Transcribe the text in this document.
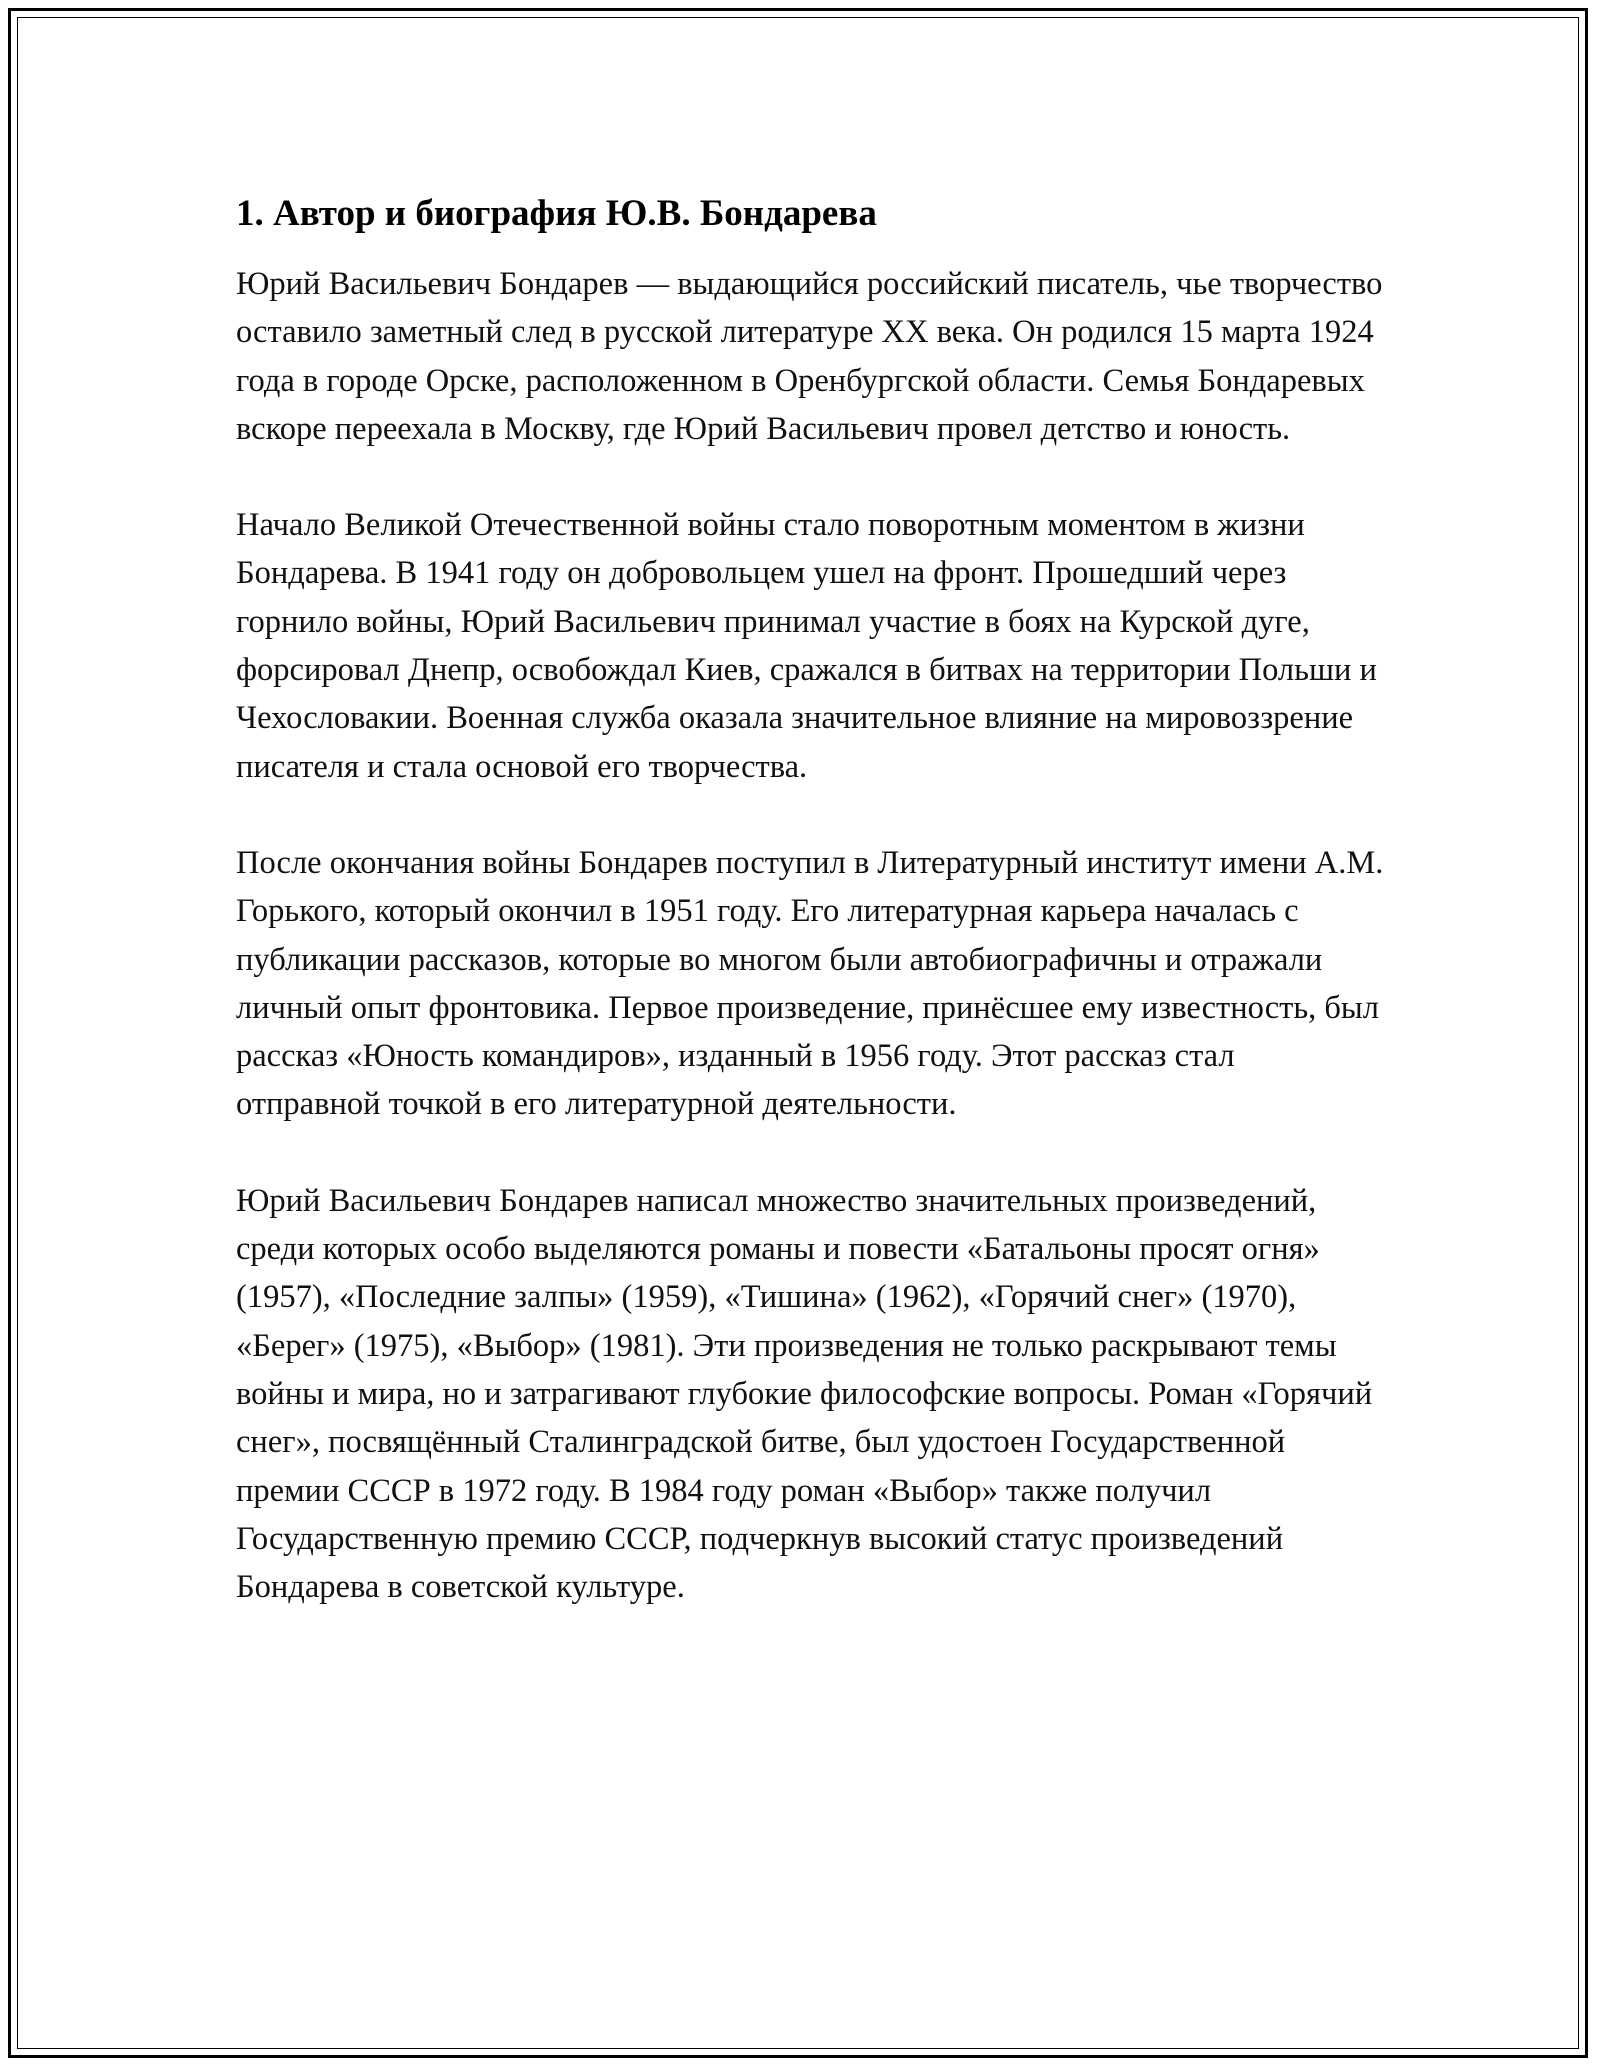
1. Автор и биография Ю.В. Бондарева

Юрий Васильевич Бондарев — выдающийся российский писатель, чье творчество оставило заметный след в русской литературе XX века. Он родился 15 марта 1924 года в городе Орске, расположенном в Оренбургской области. Семья Бондаревых вскоре переехала в Москву, где Юрий Васильевич провел детство и юность.

Начало Великой Отечественной войны стало поворотным моментом в жизни Бондарева. В 1941 году он добровольцем ушел на фронт. Прошедший через горнило войны, Юрий Васильевич принимал участие в боях на Курской дуге, форсировал Днепр, освобождал Киев, сражался в битвах на территории Польши и Чехословакии. Военная служба оказала значительное влияние на мировоззрение писателя и стала основой его творчества.

После окончания войны Бондарев поступил в Литературный институт имени А.М. Горького, который окончил в 1951 году. Его литературная карьера началась с публикации рассказов, которые во многом были автобиографичны и отражали личный опыт фронтовика. Первое произведение, принёсшее ему известность, был рассказ «Юность командиров», изданный в 1956 году. Этот рассказ стал отправной точкой в его литературной деятельности.

Юрий Васильевич Бондарев написал множество значительных произведений, среди которых особо выделяются романы и повести «Батальоны просят огня» (1957), «Последние залпы» (1959), «Тишина» (1962), «Горячий снег» (1970), «Берег» (1975), «Выбор» (1981). Эти произведения не только раскрывают темы войны и мира, но и затрагивают глубокие философские вопросы. Роман «Горячий снег», посвящённый Сталинградской битве, был удостоен Государственной премии СССР в 1972 году. В 1984 году роман «Выбор» также получил Государственную премию СССР, подчеркнув высокий статус произведений Бондарева в советской культуре.
